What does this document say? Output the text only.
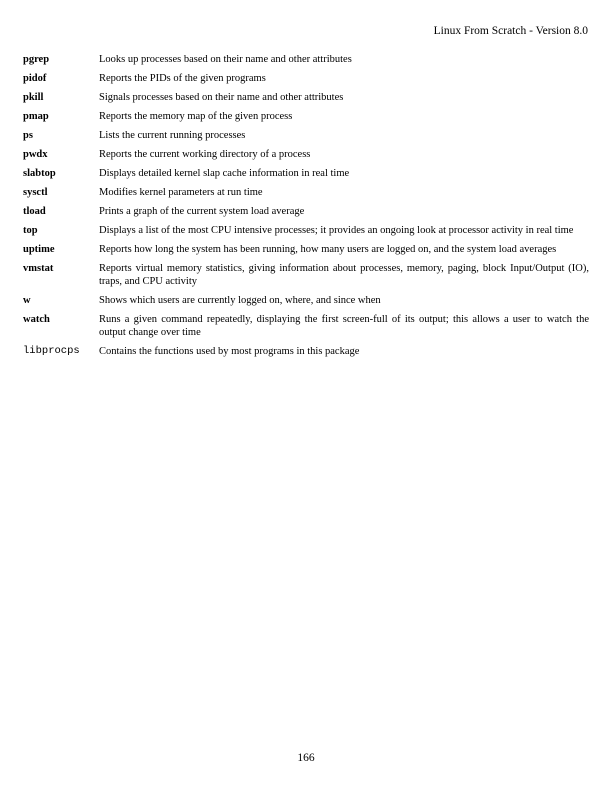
Linux From Scratch - Version 8.0
pgrep	Looks up processes based on their name and other attributes
pidof	Reports the PIDs of the given programs
pkill	Signals processes based on their name and other attributes
pmap	Reports the memory map of the given process
ps	Lists the current running processes
pwdx	Reports the current working directory of a process
slabtop	Displays detailed kernel slap cache information in real time
sysctl	Modifies kernel parameters at run time
tload	Prints a graph of the current system load average
top	Displays a list of the most CPU intensive processes; it provides an ongoing look at processor activity in real time
uptime	Reports how long the system has been running, how many users are logged on, and the system load averages
vmstat	Reports virtual memory statistics, giving information about processes, memory, paging, block Input/Output (IO), traps, and CPU activity
w	Shows which users are currently logged on, where, and since when
watch	Runs a given command repeatedly, displaying the first screen-full of its output; this allows a user to watch the output change over time
libprocps	Contains the functions used by most programs in this package
166
